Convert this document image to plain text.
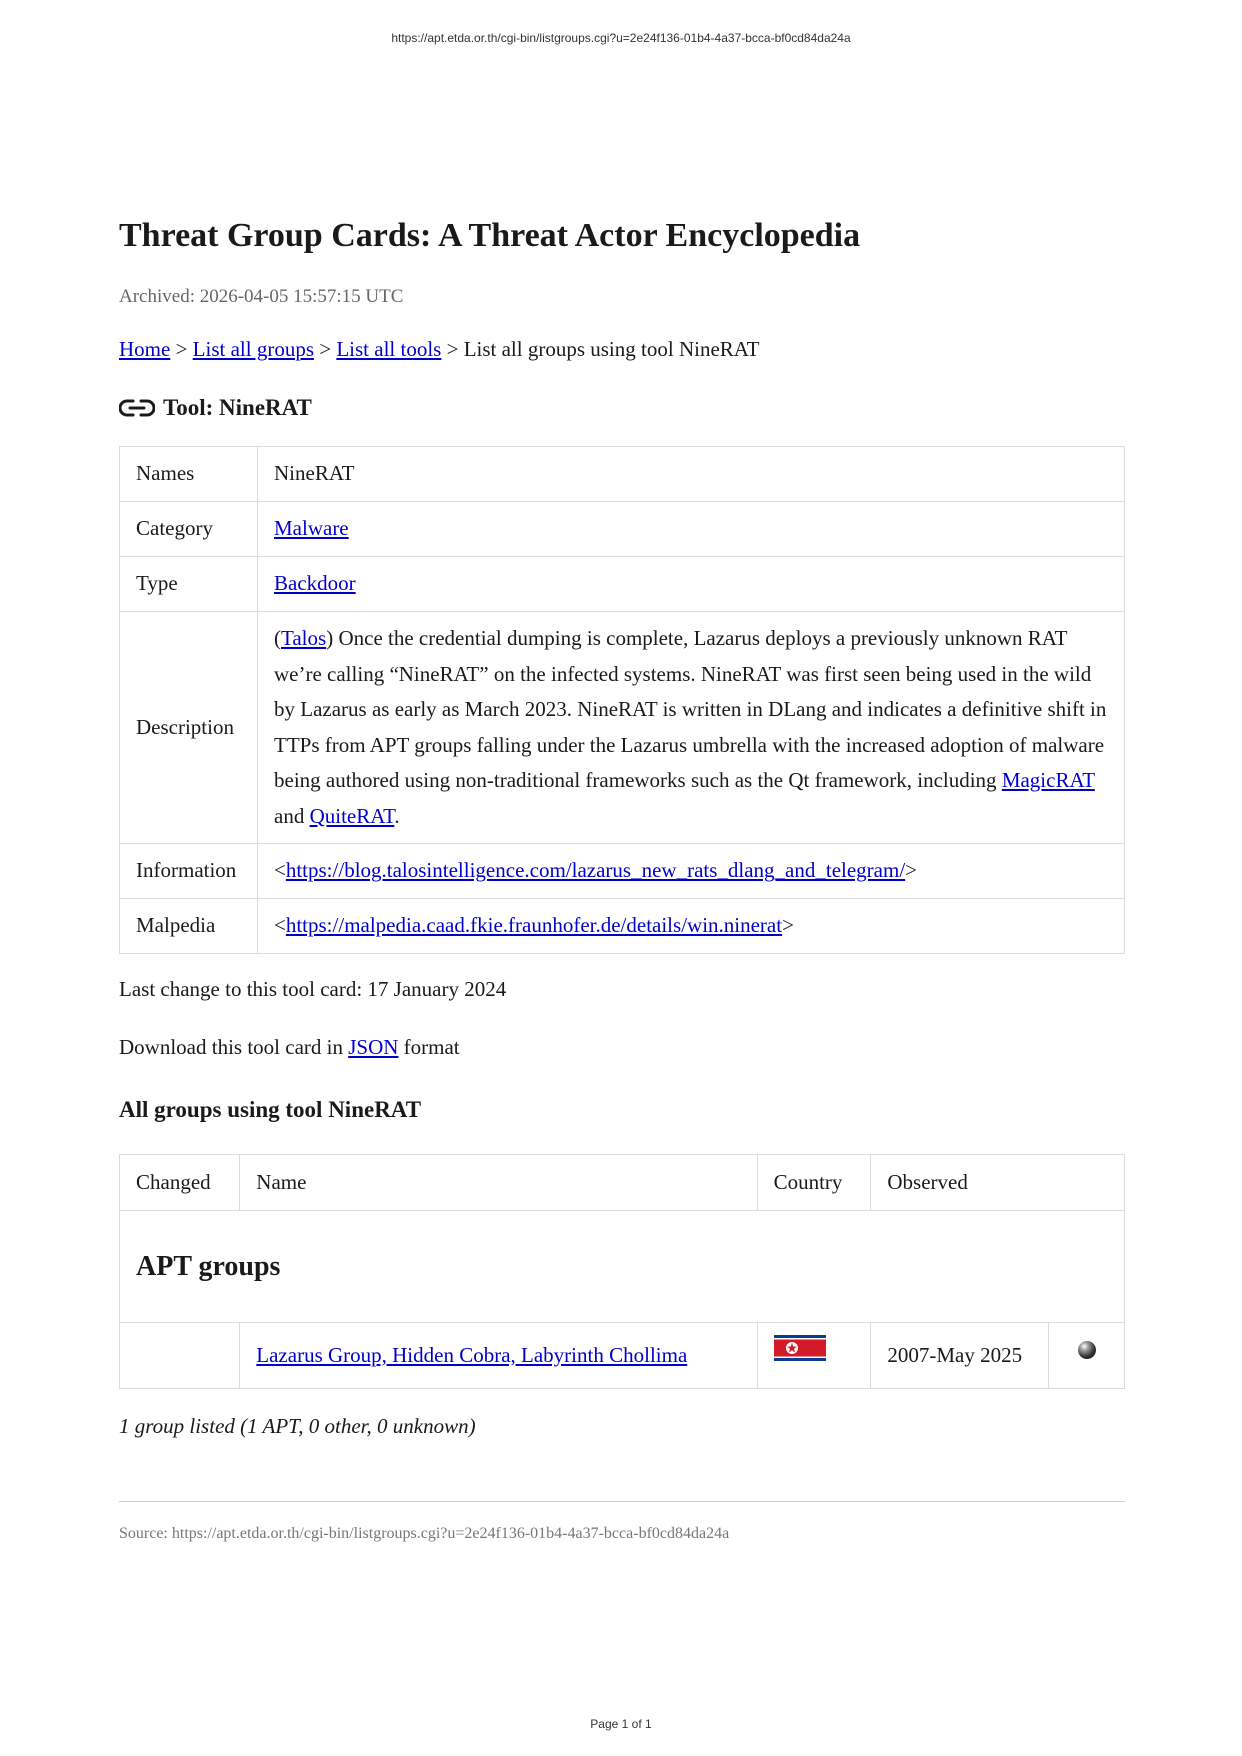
https://apt.etda.or.th/cgi-bin/listgroups.cgi?u=2e24f136-01b4-4a37-bcca-bf0cd84da24a
Threat Group Cards: A Threat Actor Encyclopedia
Archived: 2026-04-05 15:57:15 UTC
Home > List all groups > List all tools > List all groups using tool NineRAT
Tool: NineRAT
Names	NineRAT
Category	Malware
Type	Backdoor
Description	(Talos) Once the credential dumping is complete, Lazarus deploys a previously unknown RAT we’re calling “NineRAT” on the infected systems. NineRAT was first seen being used in the wild by Lazarus as early as March 2023. NineRAT is written in DLang and indicates a definitive shift in TTPs from APT groups falling under the Lazarus umbrella with the increased adoption of malware being authored using non-traditional frameworks such as the Qt framework, including MagicRAT and QuiteRAT.
Information	<https://blog.talosintelligence.com/lazarus_new_rats_dlang_and_telegram/>
Malpedia	<https://malpedia.caad.fkie.fraunhofer.de/details/win.ninerat>
Last change to this tool card: 17 January 2024
Download this tool card in JSON format
All groups using tool NineRAT
Changed	Name	Country	Observed	
APT groups				
	Lazarus Group, Hidden Cobra, Labyrinth Chollima		2007-May 2025	
1 group listed (1 APT, 0 other, 0 unknown)
Source: https://apt.etda.or.th/cgi-bin/listgroups.cgi?u=2e24f136-01b4-4a37-bcca-bf0cd84da24a
Page 1 of 1
